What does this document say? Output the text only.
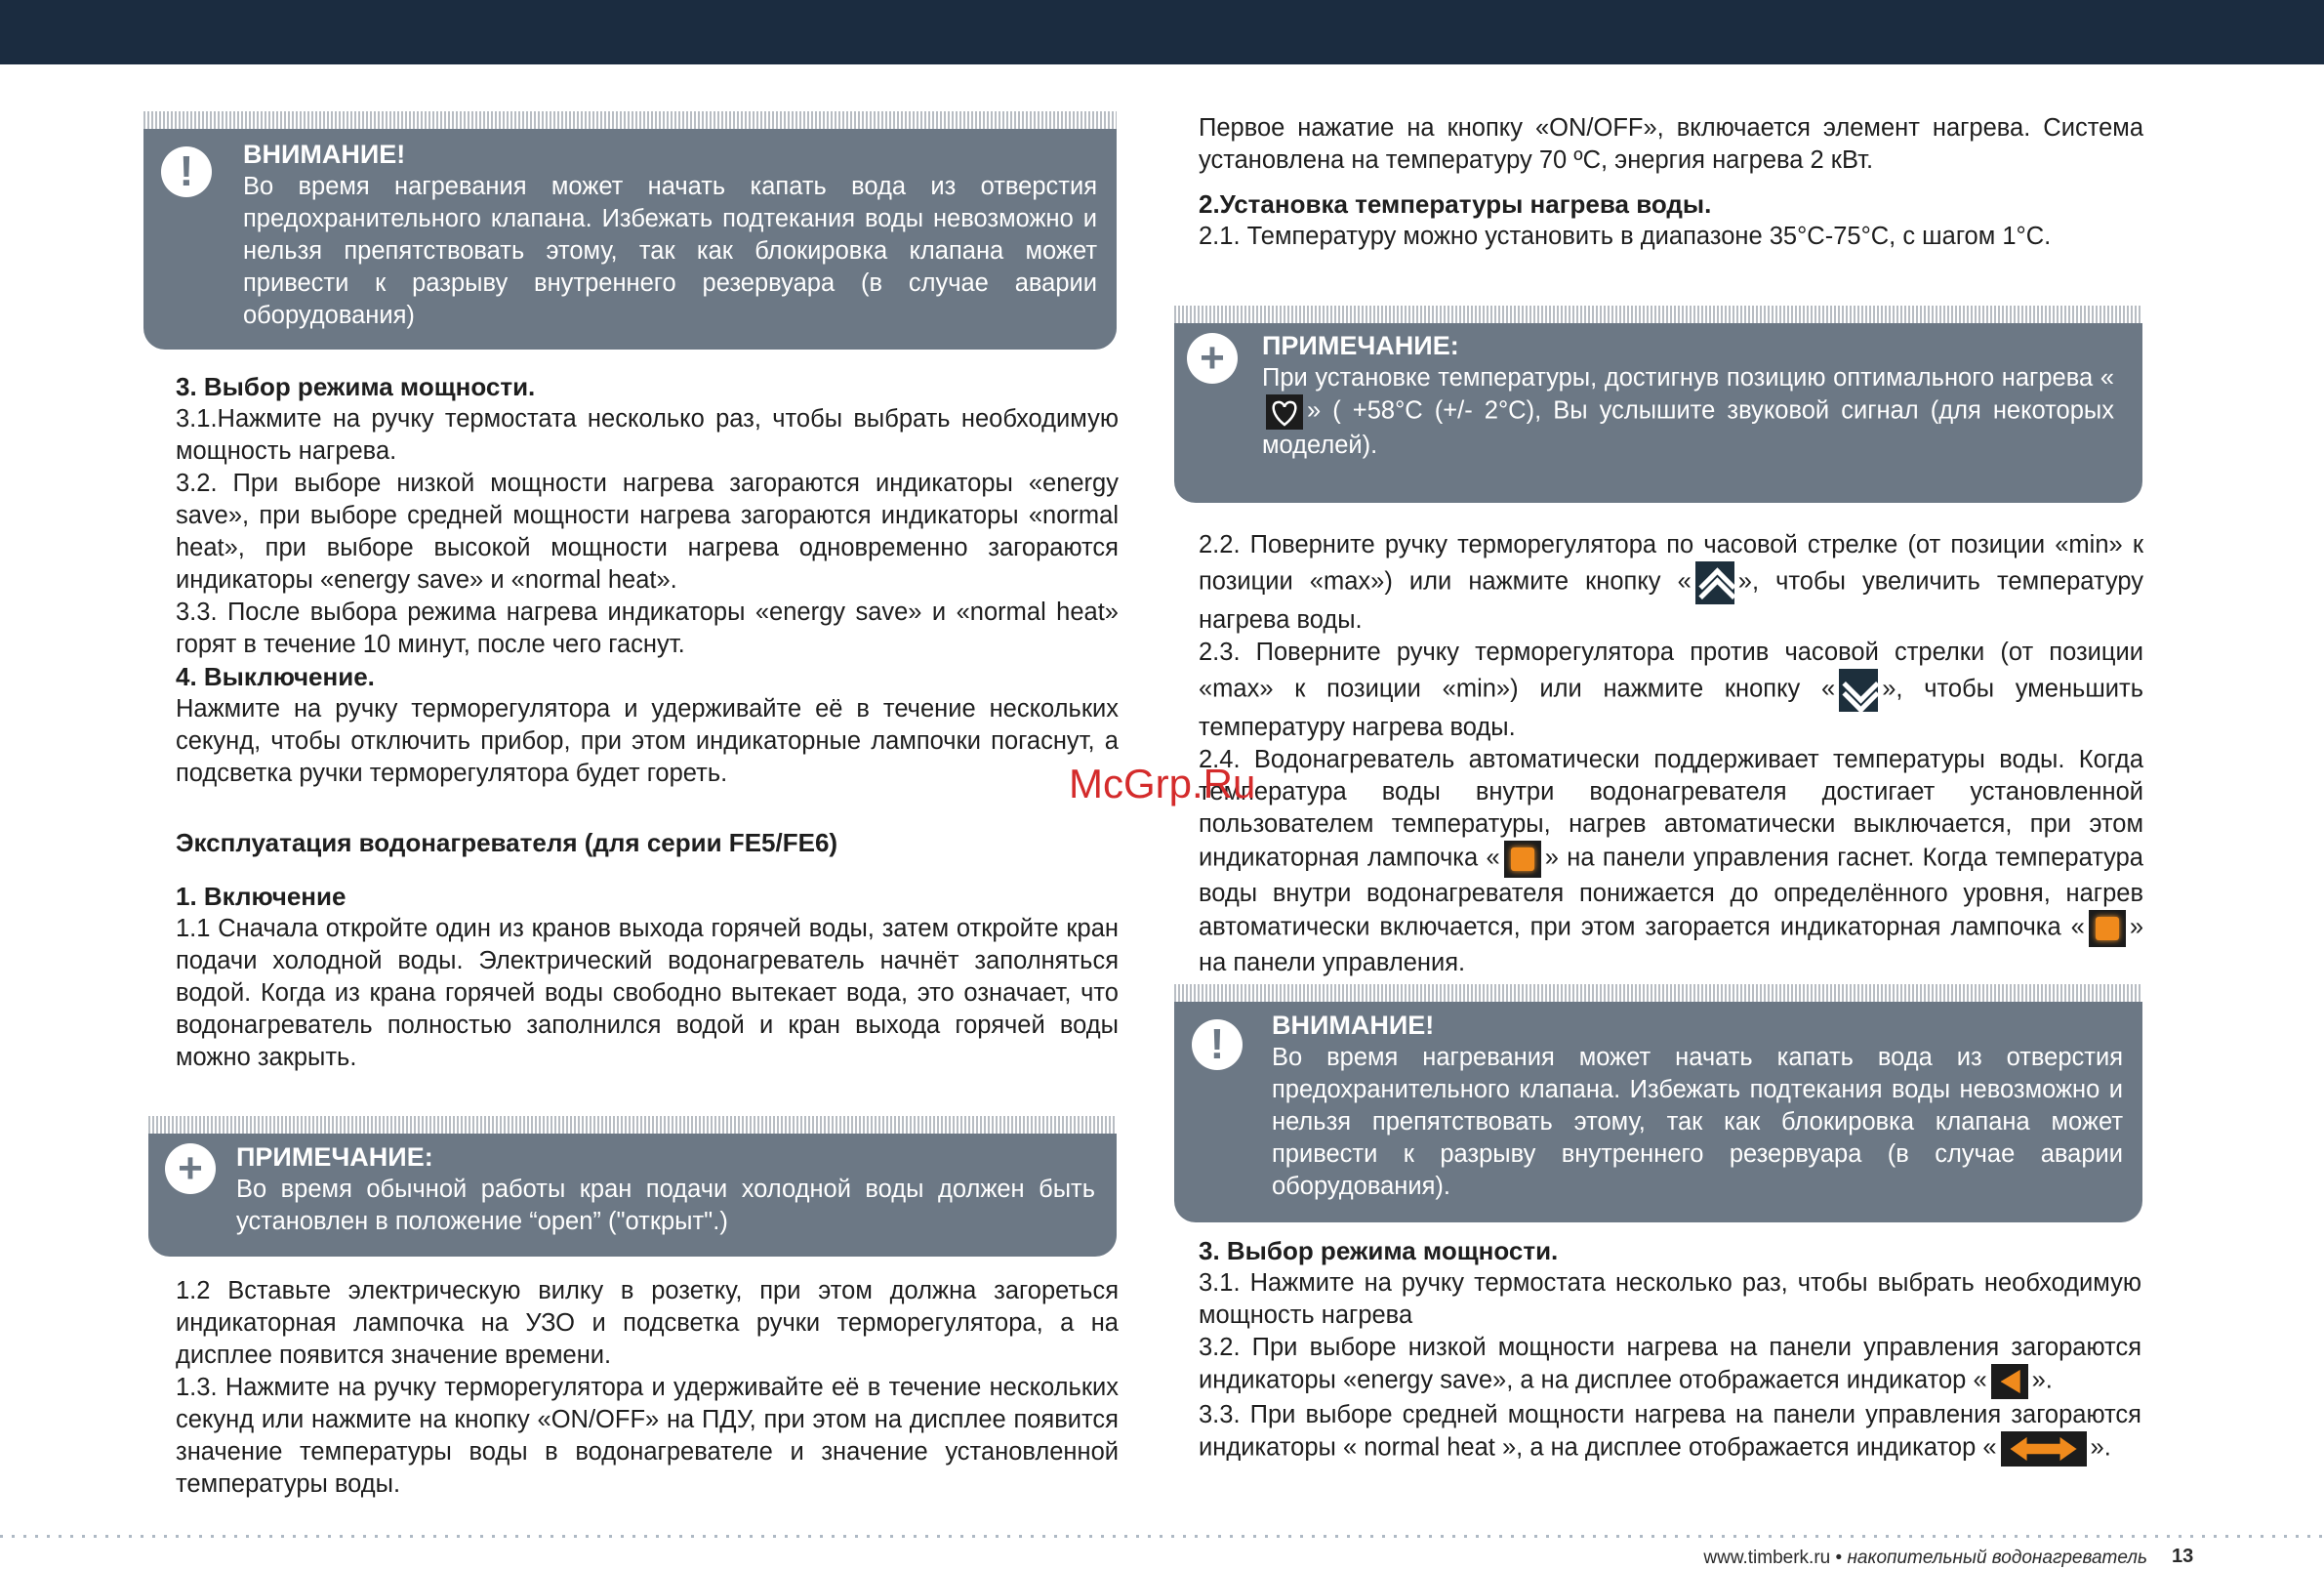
!	ВНИМАНИЕ!
Во время нагревания может начать капать вода из отверстия предохранительного клапана. Избежать подтекания воды невозможно и нельзя препятствовать этому, так как блокировка клапана может привести к разрыву внутреннего резервуара (в случае аварии оборудования)
3. Выбор режима мощности.

3.1.Нажмите на ручку термостата несколько раз, чтобы выбрать необходимую мощность нагрева.

3.2. При выборе низкой мощности нагрева загораются индикаторы «energy save», при выборе средней мощности нагрева загораются индикаторы «normal heat», при выборе высокой мощности нагрева одновременно загораются индикаторы «energy save» и «normal heat».

3.3. После выбора режима нагрева индикаторы «energy save» и «normal heat» горят в течение 10 минут, после чего гаснут.

4. Выключение.

Нажмите на ручку терморегулятора и удерживайте её в течение нескольких секунд, чтобы отключить прибор, при этом индикаторные лампочки погаснут, а подсветка ручки терморегулятора будет гореть.

Эксплуатация водонагревателя (для серии FE5/FE6)
1. Включение

1.1 Сначала откройте один из кранов выхода горячей воды, затем откройте кран подачи холодной воды. Электрический водонагреватель начнёт заполняться водой. Когда из крана горячей воды свободно вытекает вода, это означает, что водонагреватель полностью заполнился водой и кран выхода горячей воды можно закрыть.

+	ПРИМЕЧАНИЕ:
Во время обычной работы кран подачи холодной воды должен быть установлен в положение “open” ("открыт".)

1.2 Вставьте электрическую вилку в розетку, при этом должна загореться индикаторная лампочка на УЗО и подсветка ручки терморегулятора, а на дисплее появится значение времени.

1.3. Нажмите на ручку терморегулятора и удерживайте её в течение нескольких секунд или нажмите на кнопку «ON/OFF» на ПДУ, при этом на дисплее появится значение температуры воды в водонагревателе и значение установленной температуры воды.

Первое нажатие на кнопку «ON/OFF», включается элемент нагрева. Система установлена на температуру 70 ºС, энергия нагрева 2 кВт.

2.Установка температуры нагрева воды.

2.1. Температуру можно установить в диапазоне 35°С-75°С, с шагом 1°С.

+	ПРИМЕЧАНИЕ:
При установке температуры, достигнув позицию оптимального нагрева «» ( +58°С (+/- 2°С), Вы услышите звуковой сигнал (для некоторых моделей).

2.2. Поверните ручку терморегулятора по часовой стрелке (от позиции «min» к позиции «max») или нажмите кнопку « », чтобы увеличить температуру нагрева воды.

2.3. Поверните ручку терморегулятора против часовой стрелки (от позиции «max» к позиции «min») или нажмите кнопку « », чтобы уменьшить температуру нагрева воды.

2.4. Водонагреватель автоматически поддерживает температуры воды. Когда температура воды внутри водонагревателя достигает установленной пользователем температуры, нагрев автоматически выключается, при этом индикаторная лампочка « » на панели управления гаснет. Когда температура воды внутри водонагревателя понижается до определённого уровня, нагрев автоматически включается, при этом загорается индикаторная лампочка « » на панели управления.

!	ВНИМАНИЕ!
Во время нагревания может начать капать вода из отверстия предохранительного клапана. Избежать подтекания воды невозможно и нельзя препятствовать этому, так как блокировка клапана может привести к разрыву внутреннего резервуара (в случае аварии оборудования).
3. Выбор режима мощности.

3.1. Нажмите на ручку термостата несколько раз, чтобы выбрать необходимую мощность нагрева

3.2. При выборе низкой мощности нагрева на панели управления загораются индикаторы «energy save», а на дисплее отображается индикатор « ».

3.3. При выборе средней мощности нагрева на панели управления загораются индикаторы « normal heat », а на дисплее отображается индикатор «	».

McGrp.Ru
www.timberk.ru • накопительный водонагреватель 13
